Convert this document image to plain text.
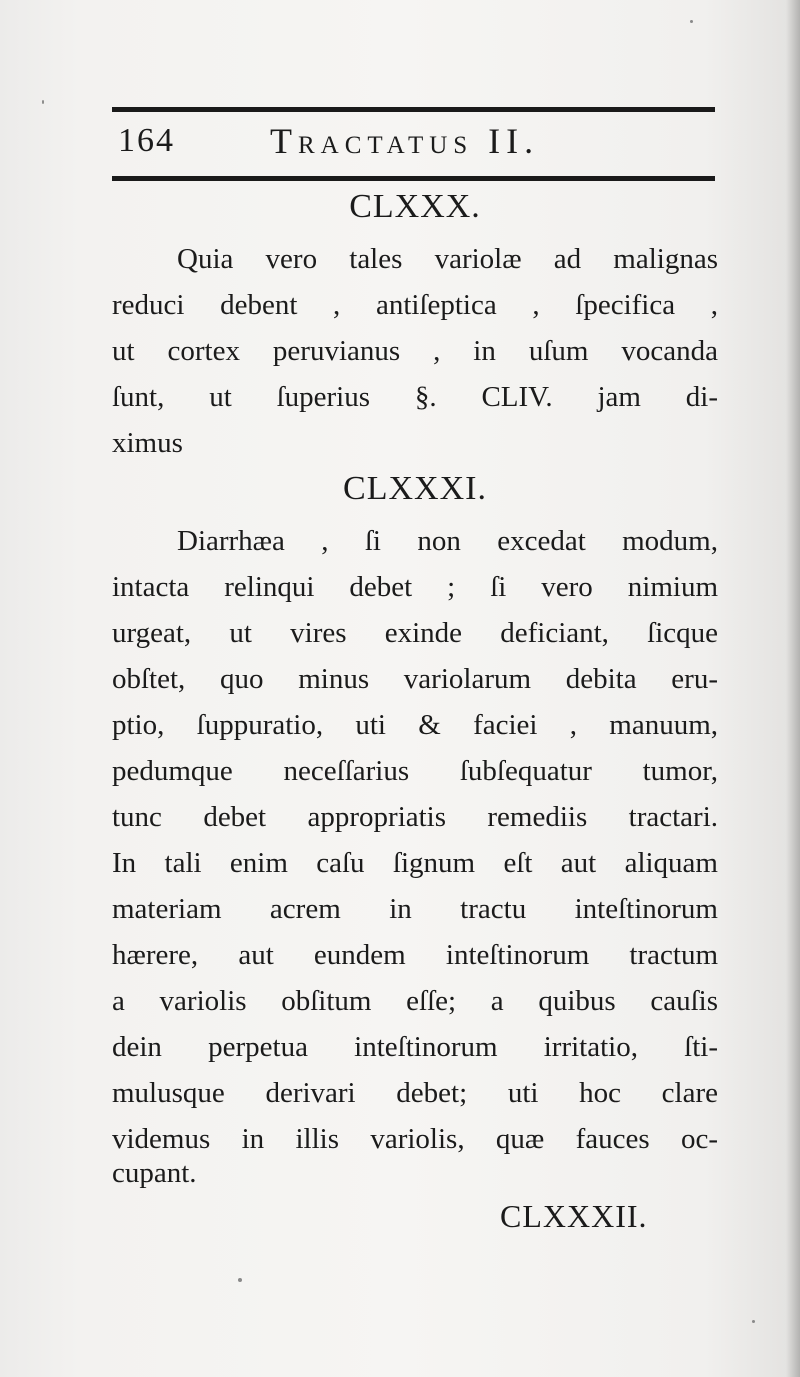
164	Tractatus II.
CLXXX.
Quia vero tales variolæ ad malignas
reduci debent , antiſeptica , ſpecifica ,
ut cortex peruvianus , in uſum vocanda
ſunt, ut ſuperius §. CLIV. jam di-
ximus
CLXXXI.
Diarrhæa , ſi non excedat modum,
intacta relinqui debet ; ſi vero nimium
urgeat, ut vires exinde deficiant, ſicque
obſtet, quo minus variolarum debita eru-
ptio, ſuppuratio, uti & faciei , manuum,
pedumque neceſſarius ſubſequatur tumor,
tunc debet appropriatis remediis tractari.
In tali enim caſu ſignum eſt aut aliquam
materiam acrem in tractu inteſtinorum
hærere, aut eundem inteſtinorum tractum
a variolis obſitum eſſe; a quibus cauſis
dein perpetua inteſtinorum irritatio, ſti-
mulusque derivari debet; uti hoc clare
videmus in illis variolis, quæ fauces oc-
cupant.
CLXXXII.
